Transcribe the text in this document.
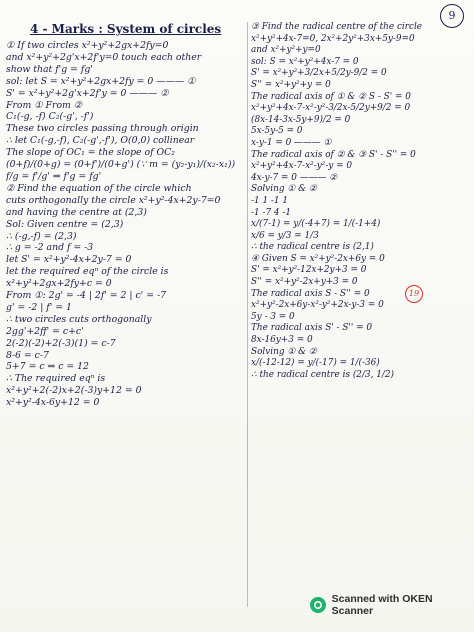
9
4 - Marks : System of circles
① If two circles x²+y²+2gx+2fy=0
and x²+y²+2g'x+2f'y=0 touch each other
show that f'g = fg'
sol: let S = x²+y²+2gx+2fy = 0 ——— ①
S' = x²+y²+2g'x+2f'y = 0 ——— ②
From ① From ②
C₁(-g, -f) C₂(-g', -f')
These two circles passing through origin
∴ let C₁(-g,-f), C₂(-g',-f'), O(0,0) collinear
The slope of OC₁ = the slope of OC₂
(0+f)/(0+g) = (0+f')/(0+g') (∵ m = (y₂-y₁)/(x₂-x₁))
f/g = f'/g' ⇒ f'g = fg'
② Find the equation of the circle which
cuts orthogonally the circle x²+y²-4x+2y-7=0
and having the centre at (2,3)
Sol: Given centre = (2,3)
∴ (-g,-f) = (2,3)
∴ g = -2 and f = -3
let S' = x²+y²-4x+2y-7 = 0
let the required eqⁿ of the circle is
x²+y²+2gx+2fy+c = 0
From ①: 2g' = -4 | 2f' = 2 | c' = -7
g' = -2 | f' = 1
∴ two circles cuts orthogonally
2gg'+2ff' = c+c'
2(-2)(-2)+2(-3)(1) = c-7
8-6 = c-7
5+7 = c ⇒ c = 12
∴ The required eqⁿ is
x²+y²+2(-2)x+2(-3)y+12 = 0
x²+y²-4x-6y+12 = 0
③ Find the radical centre of the circle
x²+y²+4x-7=0, 2x²+2y²+3x+5y-9=0
and x²+y²+y=0
sol: S = x²+y²+4x-7 = 0
S' = x²+y²+3/2x+5/2y-9/2 = 0
S'' = x²+y²+y = 0
The radical axis of ① & ② S - S' = 0
x²+y²+4x-7-x²-y²-3/2x-5/2y+9/2 = 0
(8x-14-3x-5y+9)/2 = 0
5x-5y-5 = 0
x-y-1 = 0 ——— ①
The radical axis of ② & ③ S' - S'' = 0
x²+y²+4x-7-x²-y²-y = 0
4x-y-7 = 0 ——— ②
Solving ① & ②
-1 1 -1 1
-1 -7 4 -1
x/(7-1) = y/(-4+7) = 1/(-1+4)
x/6 = y/3 = 1/3
∴ the radical centre is (2,1)
④ Given S = x²+y²-2x+6y = 0
S' = x²+y²-12x+2y+3 = 0
S'' = x²+y²-2x+y+3 = 0
The radical axis S - S'' = 0
x²+y²-2x+6y-x²-y²+2x-y-3 = 0
5y - 3 = 0
The radical axis S' - S'' = 0
8x-16y+3 = 0
Solving ① & ②
x/(-12-12) = y/(-17) = 1/(-36)
∴ the radical centre is (2/3, 1/2)
19
Scanned with OKEN Scanner
